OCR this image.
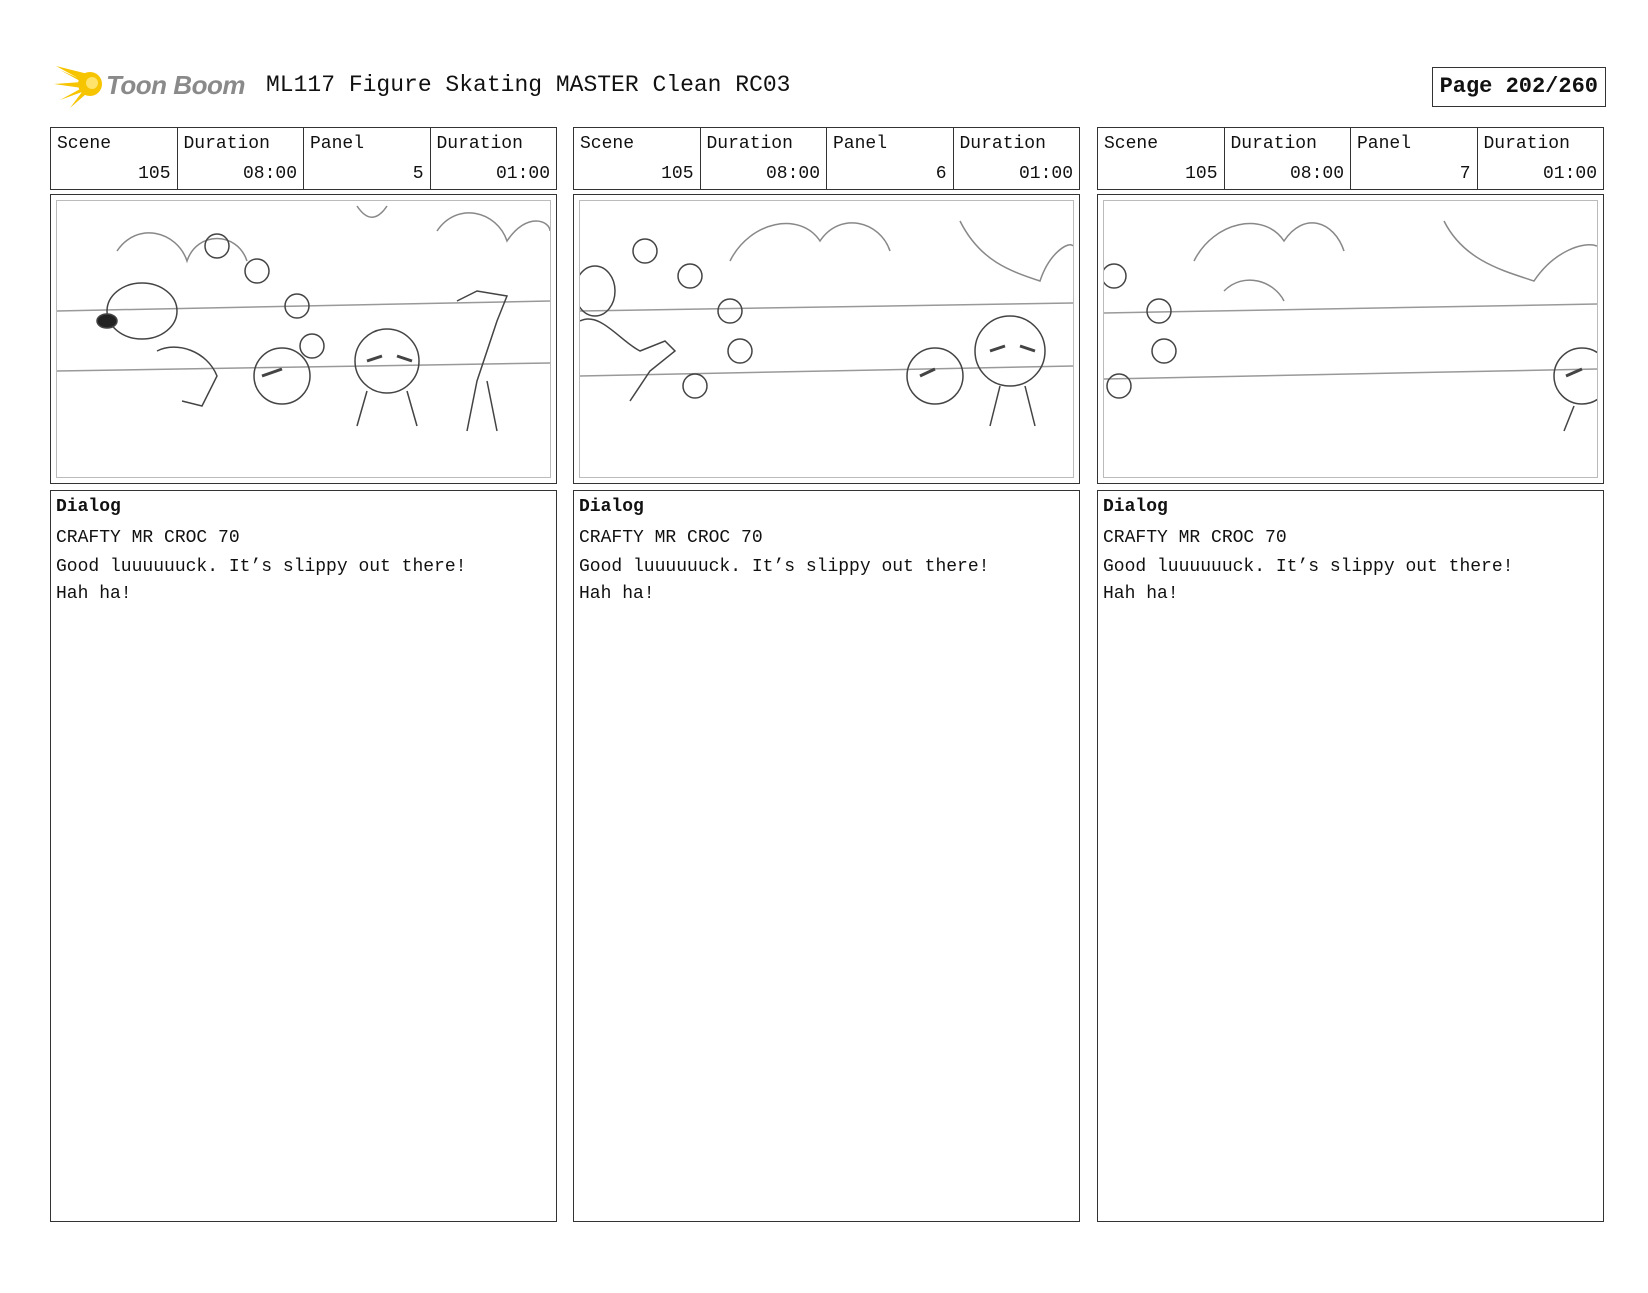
Toon Boom ML117 Figure Skating MASTER Clean RC03	Page 202/260
Scene
105
Duration
08:00
Panel
5
Duration
01:00
Dialog
CRAFTY MR CROC 70
Good luuuuuuck. It’s slippy out there! Hah ha!
Scene
105
Duration
08:00
Panel
6
Duration
01:00
Dialog
CRAFTY MR CROC 70
Good luuuuuuck. It’s slippy out there! Hah ha!
Scene
105
Duration
08:00
Panel
7
Duration
01:00
Dialog
CRAFTY MR CROC 70
Good luuuuuuck. It’s slippy out there! Hah ha!
